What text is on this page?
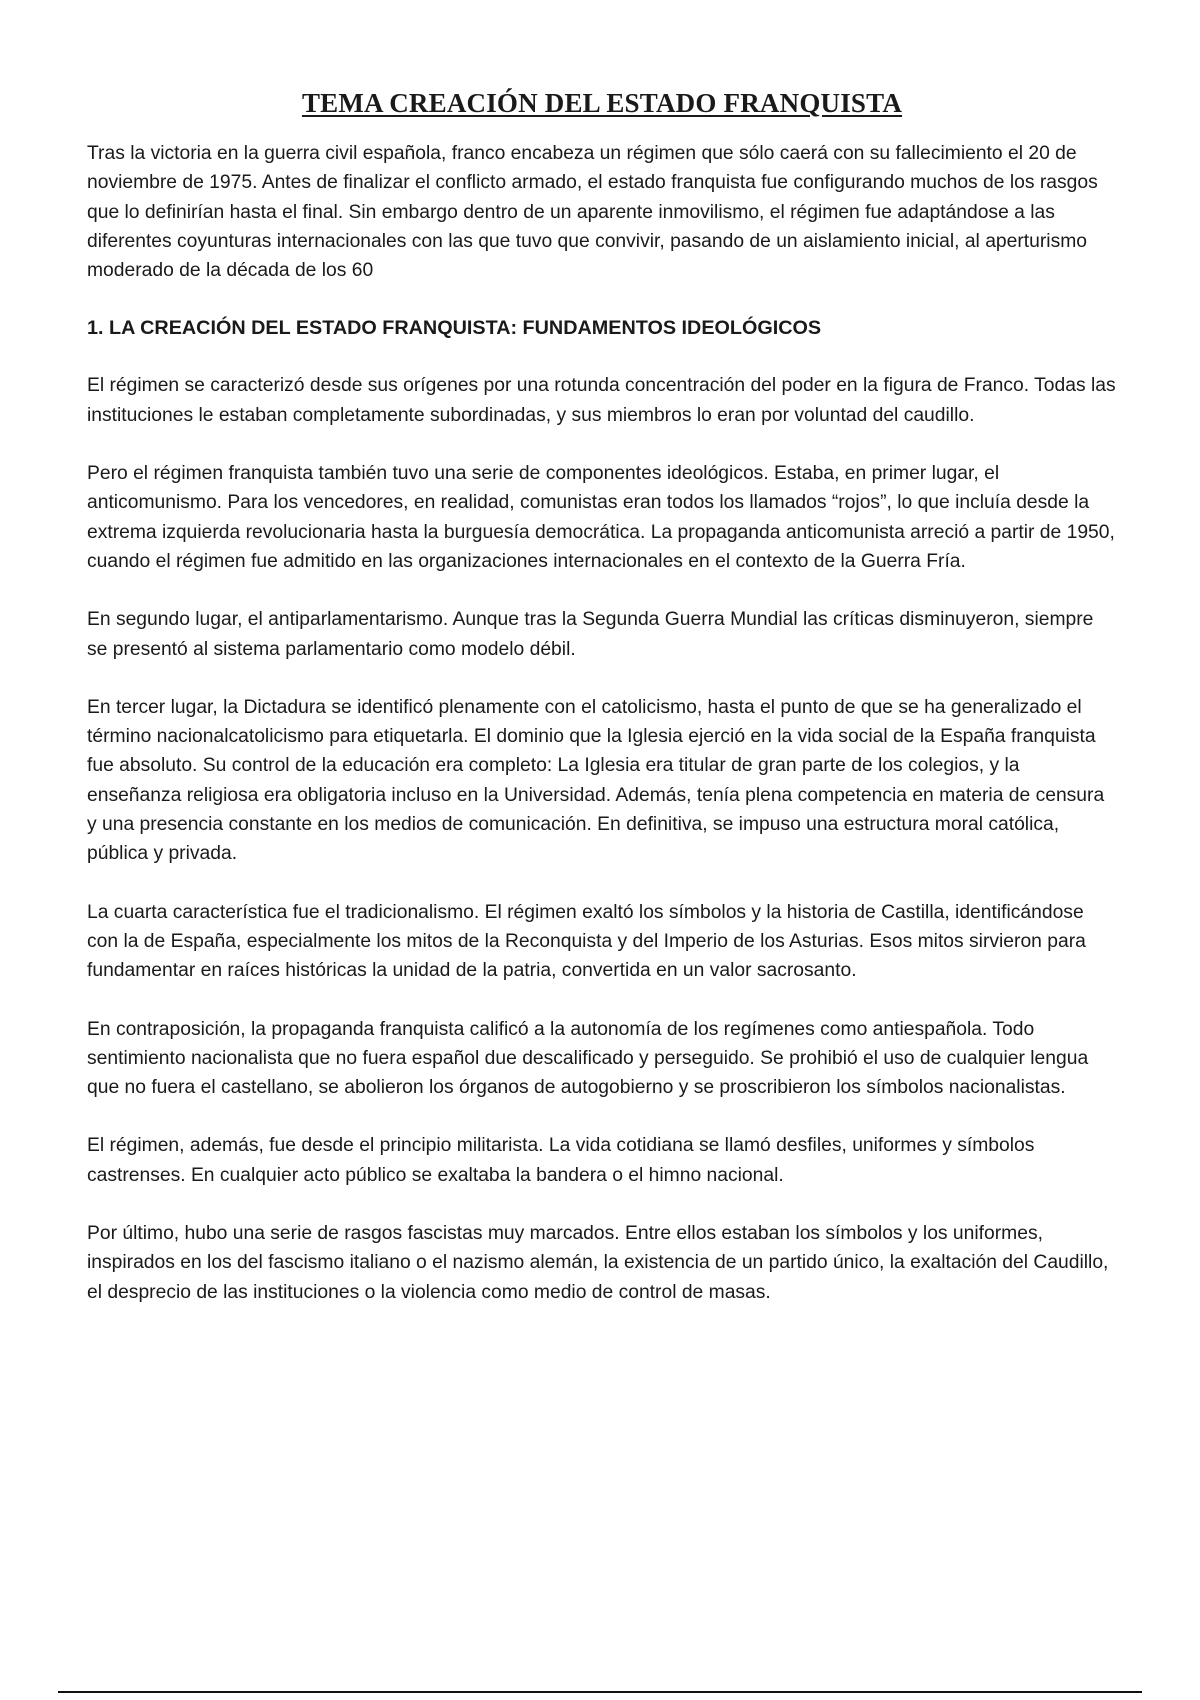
TEMA CREACIÓN DEL ESTADO FRANQUISTA

Tras la victoria en la guerra civil española, franco encabeza un régimen que sólo caerá con su fallecimiento el 20 de noviembre de 1975. Antes de finalizar el conflicto armado, el estado franquista fue configurando muchos de los rasgos que lo definirían hasta el final. Sin embargo dentro de un aparente inmovilismo, el régimen fue adaptándose a las diferentes coyunturas internacionales con las que tuvo que convivir, pasando de un aislamiento inicial, al aperturismo moderado de la década de los 60

1. LA CREACIÓN DEL ESTADO FRANQUISTA: FUNDAMENTOS IDEOLÓGICOS

El régimen se caracterizó desde sus orígenes por una rotunda concentración del poder en la figura de Franco. Todas las instituciones le estaban completamente subordinadas, y sus miembros lo eran por voluntad del caudillo.

Pero el régimen franquista también tuvo una serie de componentes ideológicos. Estaba, en primer lugar, el anticomunismo. Para los vencedores, en realidad, comunistas eran todos los llamados “rojos”, lo que incluía desde la extrema izquierda revolucionaria hasta la burguesía democrática. La propaganda anticomunista arreció a partir de 1950, cuando el régimen fue admitido en las organizaciones internacionales en el contexto de la Guerra Fría.

En segundo lugar, el antiparlamentarismo. Aunque tras la Segunda Guerra Mundial las críticas disminuyeron, siempre se presentó al sistema parlamentario como modelo débil.

En tercer lugar, la Dictadura se identificó plenamente con el catolicismo, hasta el punto de que se ha generalizado el término nacionalcatolicismo para etiquetarla. El dominio que la Iglesia ejerció en la vida social de la España franquista fue absoluto. Su control de la educación era completo: La Iglesia era titular de gran parte de los colegios, y la enseñanza religiosa era obligatoria incluso en la Universidad. Además, tenía plena competencia en materia de censura y una presencia constante en los medios de comunicación. En definitiva, se impuso una estructura moral católica, pública y privada.

La cuarta característica fue el tradicionalismo. El régimen exaltó los símbolos y la historia de Castilla, identificándose con la de España, especialmente los mitos de la Reconquista y del Imperio de los Asturias. Esos mitos sirvieron para fundamentar en raíces históricas la unidad de la patria, convertida en un valor sacrosanto.

En contraposición, la propaganda franquista calificó a la autonomía de los regímenes como antiespañola. Todo sentimiento nacionalista que no fuera español due descalificado y perseguido. Se prohibió el uso de cualquier lengua que no fuera el castellano, se abolieron los órganos de autogobierno y se proscribieron los símbolos nacionalistas.

El régimen, además, fue desde el principio militarista. La vida cotidiana se llamó desfiles, uniformes y símbolos castrenses. En cualquier acto público se exaltaba la bandera o el himno nacional.

Por último, hubo una serie de rasgos fascistas muy marcados. Entre ellos estaban los símbolos y los uniformes, inspirados en los del fascismo italiano o el nazismo alemán, la existencia de un partido único, la exaltación del Caudillo, el desprecio de las instituciones o la violencia como medio de control de masas.
